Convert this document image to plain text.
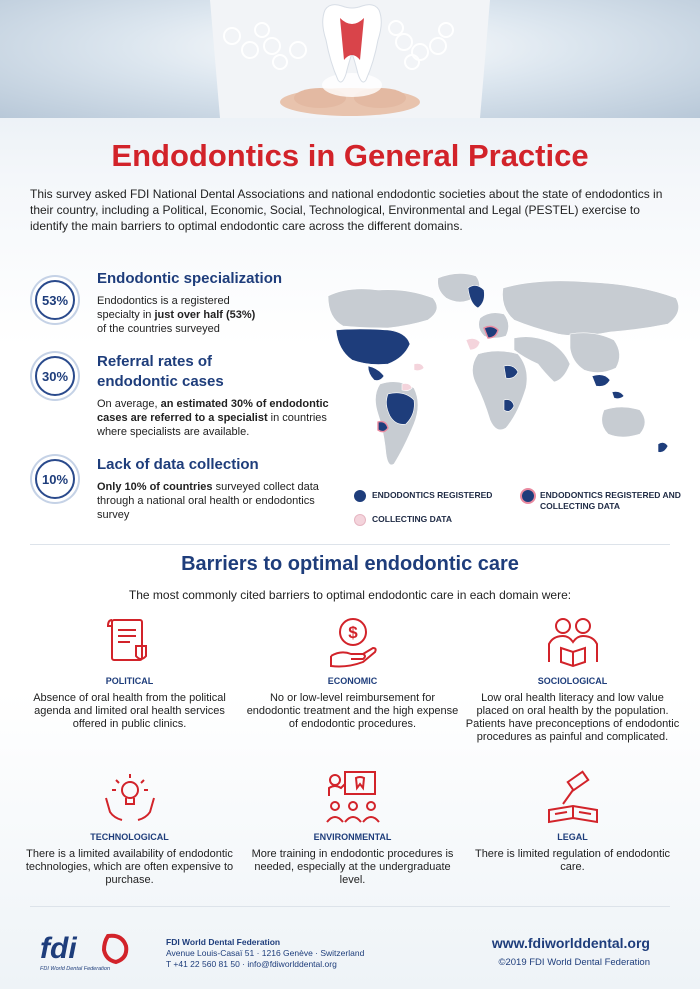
Endodontics in General Practice
This survey asked FDI National Dental Associations and national endodontic societies about the state of endodontics in their country, including a Political, Economic, Social, Technological, Environmental and Legal (PESTEL) exercise to identify the main barriers to optimal endodontic care across the different domains.
53%
Endodontic specialization
Endodontics is a registered specialty in just over half (53%) of the countries surveyed
30%
Referral rates of
endodontic cases
On average, an estimated 30% of endodontic cases are referred to a specialist in countries where specialists are available.
10%
Lack of data collection
Only 10% of countries surveyed collect data through a national oral health or endodontics survey
ENDODONTICS REGISTERED	ENDODONTICS REGISTERED AND COLLECTING DATA
COLLECTING DATA
Barriers to optimal endodontic care
The most commonly cited barriers to optimal endodontic care in each domain were:
POLITICAL
Absence of oral health from the political agenda and limited oral health services offered in public clinics.
$
ECONOMIC
No or low-level reimbursement for endodontic treatment and the high expense of endodontic procedures.
SOCIOLOGICAL
Low oral health literacy and low value placed on oral health by the population. Patients have preconceptions of endodontic procedures as painful and complicated.
TECHNOLOGICAL
There is a limited availability of endodontic technologies, which are often expensive to purchase.
ENVIRONMENTAL
More training in endodontic procedures is needed, especially at the undergraduate level.
LEGAL
There is limited regulation of endodontic care.
fdi
FDI World Dental Federation
FDI World Dental Federation
Avenue Louis-Casaï 51 · 1216 Genève · Switzerland
T +41 22 560 81 50 · info@fdiworlddental.org
www.fdiworlddental.org
©2019 FDI World Dental Federation
